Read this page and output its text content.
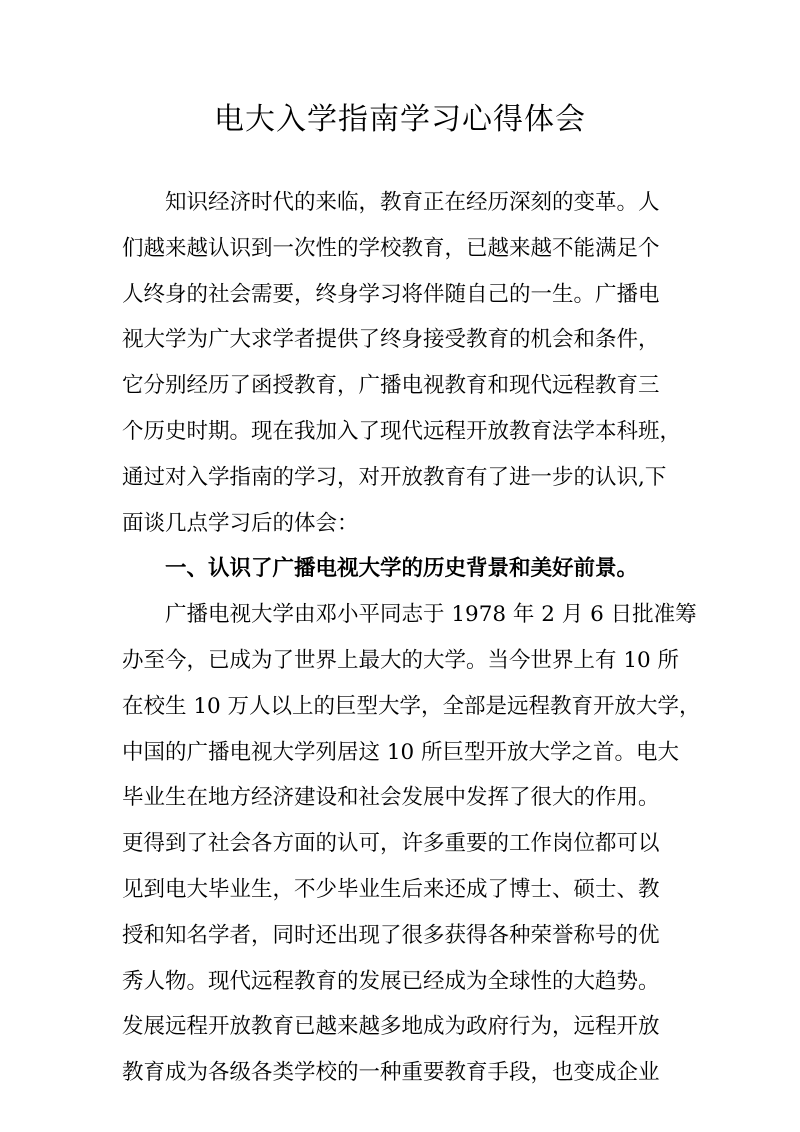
电大入学指南学习心得体会
知识经济时代的来临，教育正在经历深刻的变革。人
们越来越认识到一次性的学校教育，已越来越不能满足个
人终身的社会需要，终身学习将伴随自己的一生。广播电
视大学为广大求学者提供了终身接受教育的机会和条件，
它分别经历了函授教育，广播电视教育和现代远程教育三
个历史时期。现在我加入了现代远程开放教育法学本科班，
通过对入学指南的学习，对开放教育有了进一步的认识,下
面谈几点学习后的体会：
一、认识了广播电视大学的历史背景和美好前景。
广播电视大学由邓小平同志于 1978 年 2 月 6 日批准筹
办至今，已成为了世界上最大的大学。当今世界上有 10 所
在校生 10 万人以上的巨型大学，全部是远程教育开放大学，
中国的广播电视大学列居这 10 所巨型开放大学之首。电大
毕业生在地方经济建设和社会发展中发挥了很大的作用。
更得到了社会各方面的认可，许多重要的工作岗位都可以
见到电大毕业生，不少毕业生后来还成了博士、硕士、教
授和知名学者，同时还出现了很多获得各种荣誉称号的优
秀人物。现代远程教育的发展已经成为全球性的大趋势。
发展远程开放教育已越来越多地成为政府行为，远程开放
教育成为各级各类学校的一种重要教育手段，也变成企业
